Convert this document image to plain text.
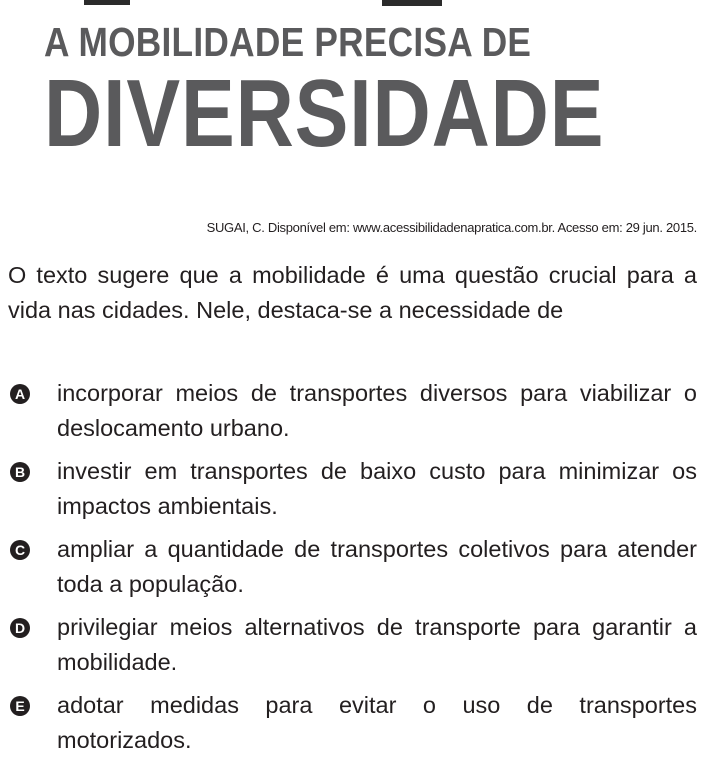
A MOBILIDADE PRECISA DE
DIVERSIDADE
SUGAI, C. Disponível em: www.acessibilidadenapratica.com.br. Acesso em: 29 jun. 2015.

O texto sugere que a mobilidade é uma questão crucial para a vida nas cidades. Nele, destaca-se a necessidade de

A incorporar meios de transportes diversos para viabilizar o deslocamento urbano.
B investir em transportes de baixo custo para minimizar os impactos ambientais.
C ampliar a quantidade de transportes coletivos para atender toda a população.
D privilegiar meios alternativos de transporte para garantir a mobilidade.
E adotar medidas para evitar o uso de transportes motorizados.
